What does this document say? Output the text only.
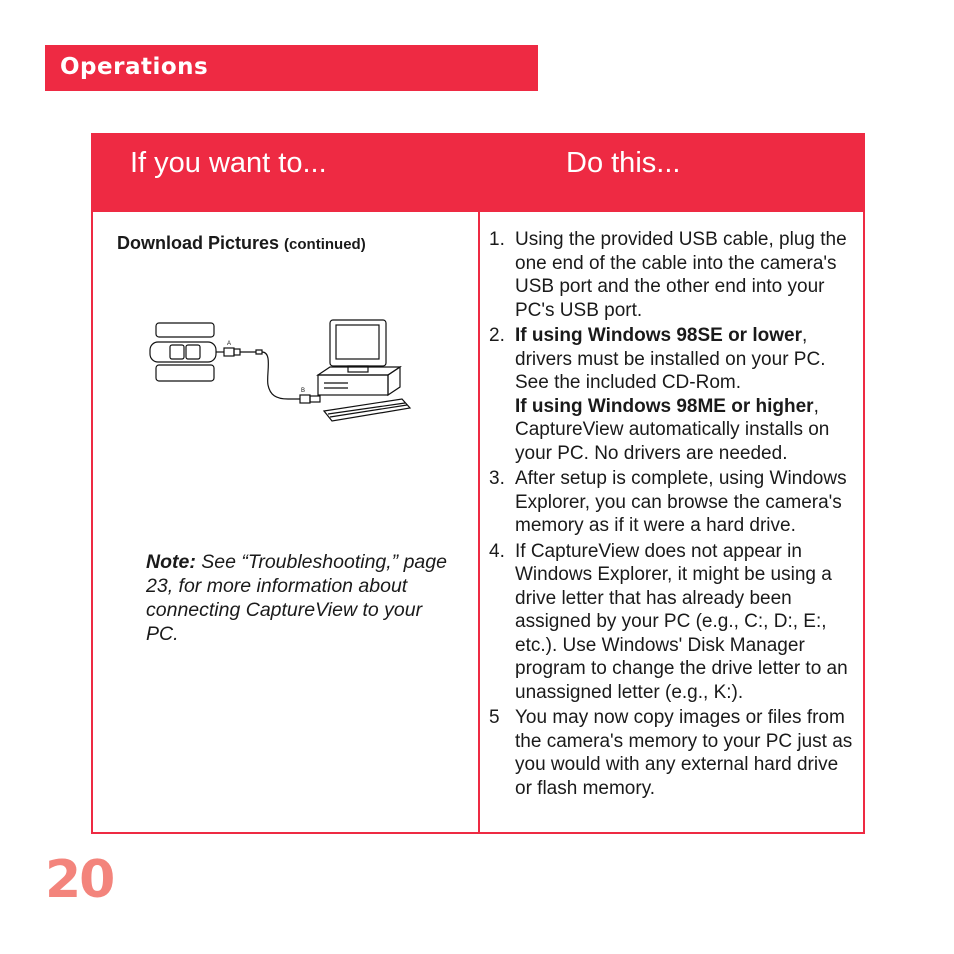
Operations
If you want to...	Do this...
Download Pictures (continued)
A
B
Note: See “Troubleshooting,” page 23, for more information about connecting CaptureView to your PC.
1. Using the provided USB cable, plug the one end of the cable into the camera's USB port and the other end into your PC's USB port.
2. If using Windows 98SE or lower, drivers must be installed on your PC. See the included CD-Rom.
If using Windows 98ME or higher, CaptureView automatically installs on your PC. No drivers are needed.
3. After setup is complete, using Windows Explorer, you can browse the camera's memory as if it were a hard drive.
4. If CaptureView does not appear in Windows Explorer, it might be using a drive letter that has already been assigned by your PC (e.g., C:, D:, E:, etc.). Use Windows' Disk Manager program to change the drive letter to an unassigned letter (e.g., K:).
5 You may now copy images or files from the camera's memory to your PC just as you would with any external hard drive or flash memory.
20
